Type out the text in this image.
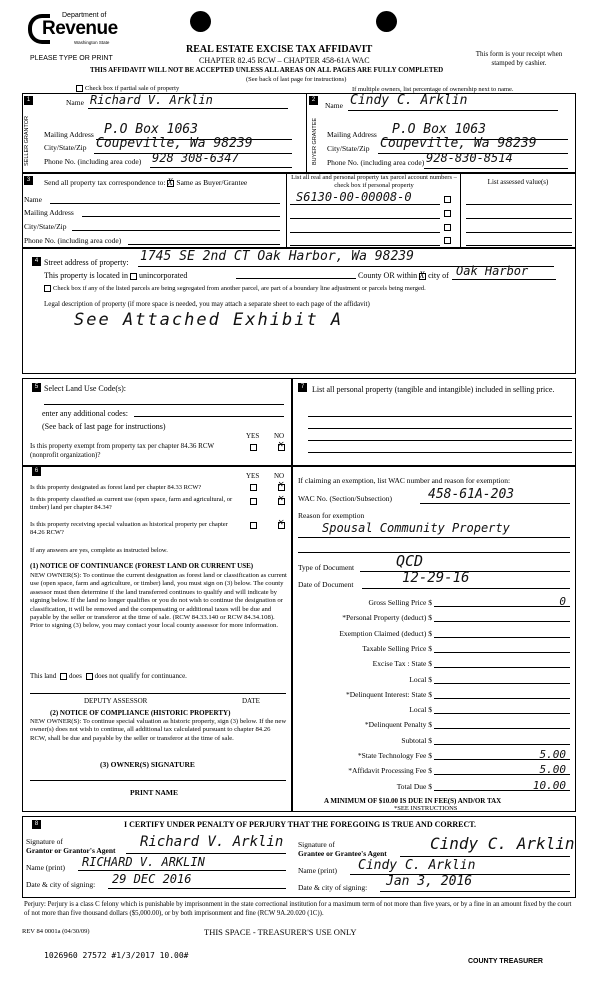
Department of
Revenue
Washington State
PLEASE TYPE OR PRINT
REAL ESTATE EXCISE TAX AFFIDAVIT
CHAPTER 82.45 RCW – CHAPTER 458-61A WAC
THIS AFFIDAVIT WILL NOT BE ACCEPTED UNLESS ALL AREAS ON ALL PAGES ARE FULLY COMPLETED
This form is your receipt when stamped by cashier.
(See back of last page for instructions)
Check box if partial sale of property	If multiple owners, list percentage of ownership next to name.
1	2
SELLER GRANTOR	BUYER GRANTEE
Name Richard V. Arklin
Mailing Address P.O Box 1063
City/State/Zip Coupeville, Wa 98239
Phone No. (including area code) 928 308-6347
Name Cindy C. Arklin
Mailing Address P.O Box 1063
City/State/Zip Coupeville, Wa 98239
Phone No. (including area code) 928-830-8514
3	Send all property tax correspondence to: X Same as Buyer/Grantee
Name
Mailing Address
City/State/Zip
Phone No. (including area code)
List all real and personal property tax parcel account numbers – check box if personal property	List assessed value(s)
S6130-00-00008-0
4 Street address of property: 1745 SE 2nd CT Oak Harbor, Wa 98239
This property is located in unincorporated	County OR within X city of Oak Harbor
Check box if any of the listed parcels are being segregated from another parcel, are part of a boundary line adjustment or parcels being merged.
Legal description of property (if more space is needed, you may attach a separate sheet to each page of the affidavit)
See Attached Exhibit A
5 Select Land Use Code(s):
enter any additional codes:
(See back of last page for instructions)
YES NO
Is this property exempt from property tax per chapter 84.36 RCW (nonprofit organization)?
✕
7 List all personal property (tangible and intangible) included in selling price.
6
YES NO
Is this property designated as forest land per chapter 84.33 RCW?	✕
Is this property classified as current use (open space, farm and agricultural, or timber) land per chapter 84.34?
✕
Is this property receiving special valuation as historical property per chapter 84.26 RCW?
✕
If any answers are yes, complete as instructed below.
(1) NOTICE OF CONTINUANCE (FOREST LAND OR CURRENT USE)
NEW OWNER(S): To continue the current designation as forest land or classification as current use (open space, farm and agriculture, or timber) land, you must sign on (3) below. The county assessor must then determine if the land transferred continues to qualify and will indicate by signing below. If the land no longer qualifies or you do not wish to continue the designation or classification, it will be removed and the compensating or additional taxes will be due and payable by the seller or transferor at the time of sale. (RCW 84.33.140 or RCW 84.34.108). Prior to signing (3) below, you may contact your local county assessor for more information.
This land does does not qualify for continuance.
DEPUTY ASSESSOR	DATE
(2) NOTICE OF COMPLIANCE (HISTORIC PROPERTY)
NEW OWNER(S): To continue special valuation as historic property, sign (3) below. If the new owner(s) does not wish to continue, all additional tax calculated pursuant to chapter 84.26 RCW, shall be due and payable by the seller or transferor at the time of sale.
(3) OWNER(S) SIGNATURE
PRINT NAME
If claiming an exemption, list WAC number and reason for exemption:
WAC No. (Section/Subsection)	458-61A-203
Reason for exemption
Spousal Community Property
Type of Document	QCD
Date of Document	12-29-16
Gross Selling Price $	0
*Personal Property (deduct) $
Exemption Claimed (deduct) $
Taxable Selling Price $
Excise Tax : State $
Local $
*Delinquent Interest: State $
Local $
*Delinquent Penalty $
Subtotal $
*State Technology Fee $	5.00
*Affidavit Processing Fee $	5.00
Total Due $	10.00
A MINIMUM OF $10.00 IS DUE IN FEE(S) AND/OR TAX
*SEE INSTRUCTIONS
8	I CERTIFY UNDER PENALTY OF PERJURY THAT THE FOREGOING IS TRUE AND CORRECT.
Signature of
Grantor or Grantor's Agent
Richard V. Arklin
Name (print) RICHARD V. ARKLIN
Date & city of signing: 29 DEC 2016
Signature of
Grantee or Grantee's Agent
Cindy C. Arklin
Name (print) Cindy C. Arklin
Date & city of signing: Jan 3, 2016
Perjury: Perjury is a class C felony which is punishable by imprisonment in the state correctional institution for a maximum term of not more than five years, or by a fine in an amount fixed by the court of not more than five thousand dollars ($5,000.00), or by both imprisonment and fine (RCW 9A.20.020 (1C)).
REV 84 0001a (04/30/09)	THIS SPACE - TREASURER'S USE ONLY
1026960 27572 #1/3/2017 10.00#
COUNTY TREASURER
